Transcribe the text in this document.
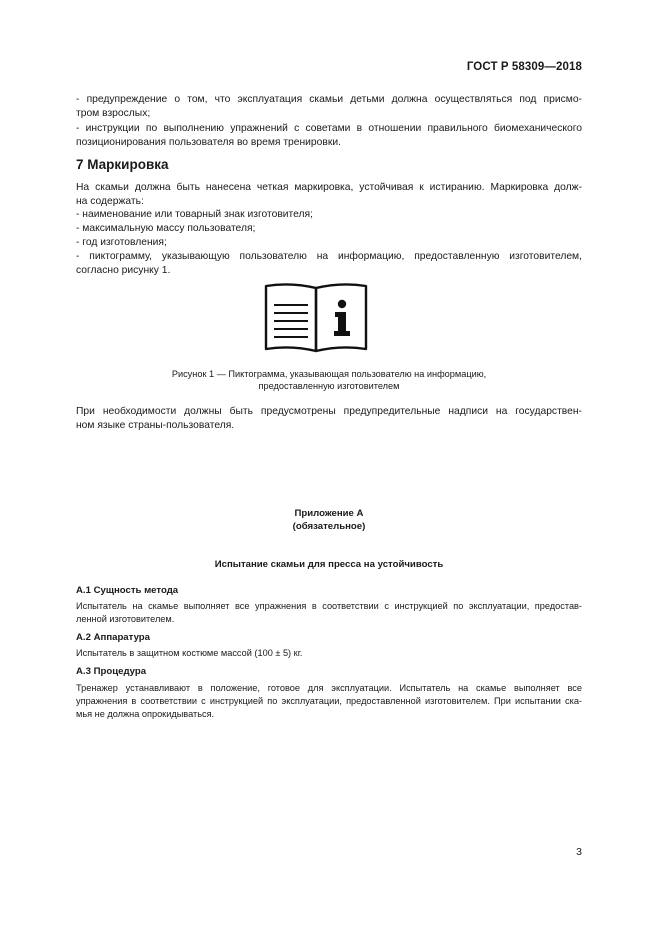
ГОСТ Р 58309—2018
- предупреждение о том, что эксплуатация скамьи детьми должна осуществляться под присмо-
тром взрослых;
- инструкции по выполнению упражнений с советами в отношении правильного биомеханического
позиционирования пользователя во время тренировки.
7 Маркировка
На скамьи должна быть нанесена четкая маркировка, устойчивая к истиранию. Маркировка долж-
на содержать:
- наименование или товарный знак изготовителя;
- максимальную массу пользователя;
- год изготовления;
- пиктограмму, указывающую пользователю на информацию, предоставленную изготовителем,
согласно рисунку 1.
Рисунок 1 — Пиктограмма, указывающая пользователю на информацию,
предоставленную изготовителем
При необходимости должны быть предусмотрены предупредительные надписи на государствен-
ном языке страны-пользователя.
Приложение А
(обязательное)
Испытание скамьи для пресса на устойчивость
А.1 Сущность метода
Испытатель на скамье выполняет все упражнения в соответствии с инструкцией по эксплуатации, предостав-
ленной изготовителем.
А.2 Аппаратура
Испытатель в защитном костюме массой (100 ± 5) кг.
А.3 Процедура
Тренажер устанавливают в положение, готовое для эксплуатации. Испытатель на скамье выполняет все
упражнения в соответствии с инструкцией по эксплуатации, предоставленной изготовителем. При испытании ска-
мья не должна опрокидываться.
3
